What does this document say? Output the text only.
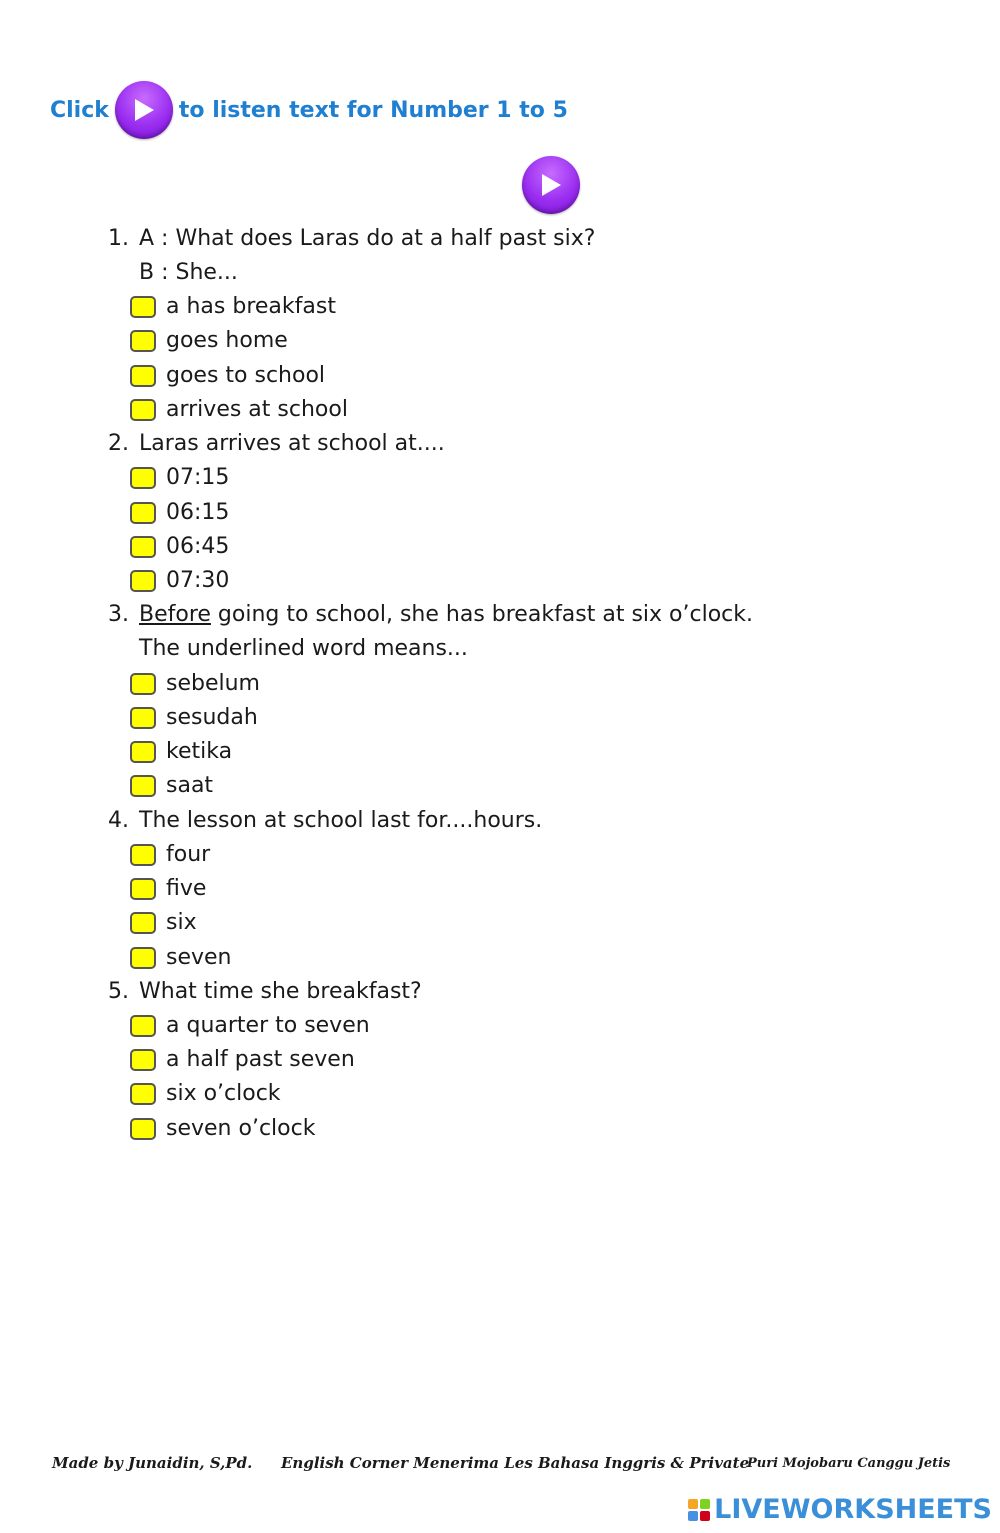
Click	to listen text for Number 1 to 5
1. A : What does Laras do at a half past six?
B : She...
a has breakfast
goes home
goes to school
arrives at school
2. Laras arrives at school at....
07:15
06:15
06:45
07:30
3. Before going to school, she has breakfast at six o’clock.
The underlined word means...
sebelum
sesudah
ketika
saat
4. The lesson at school last for....hours.
four
five
six
seven
5. What time she breakfast?
a quarter to seven
a half past seven
six o’clock
seven o’clock
Made by Junaidin, S,Pd. English Corner Menerima Les Bahasa Inggris & Private
Puri Mojobaru Canggu Jetis
LIVEWORKSHEETS
